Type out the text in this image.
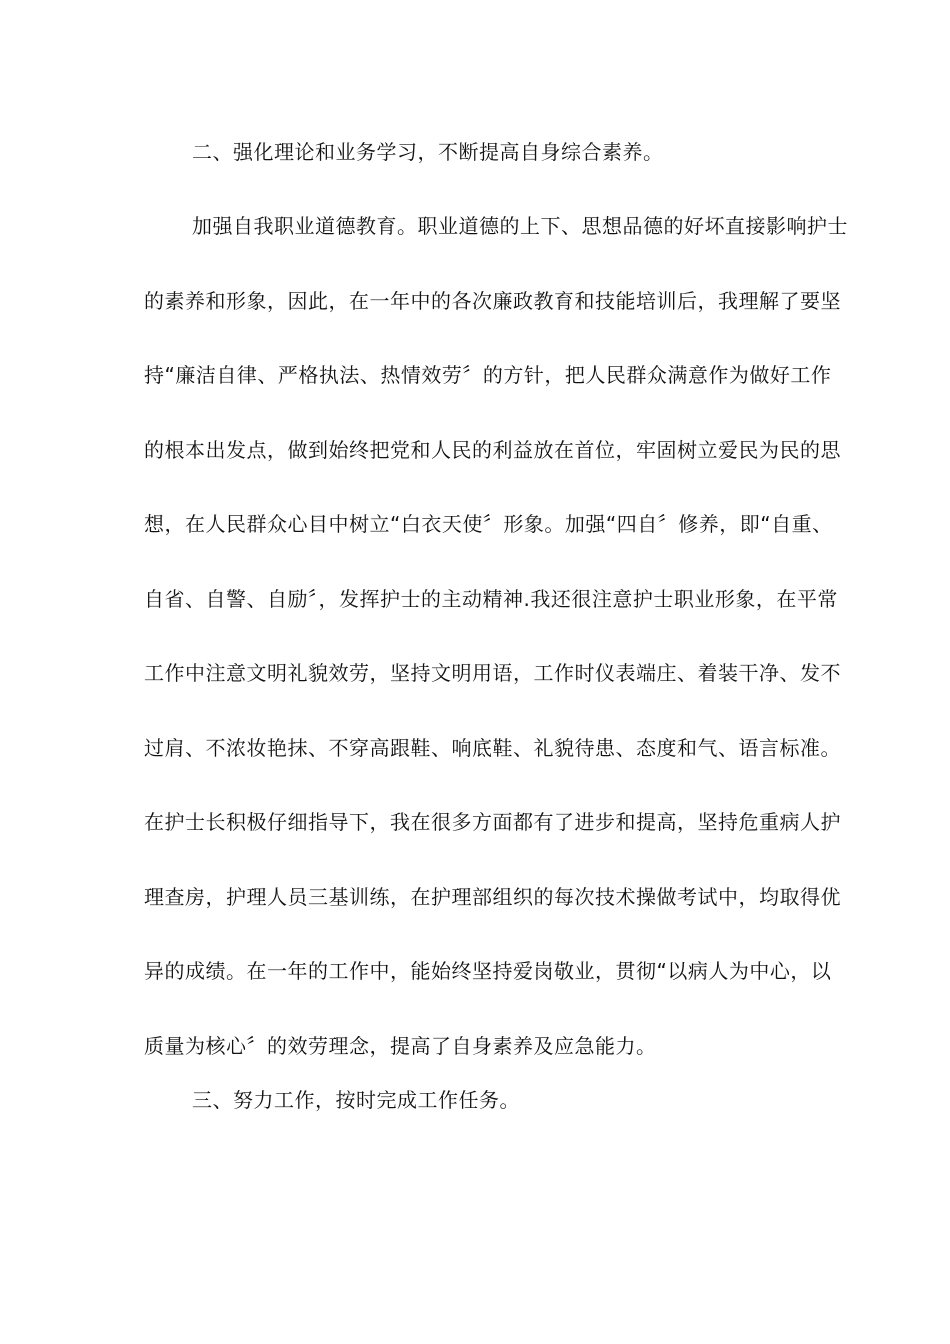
二、强化理论和业务学习，不断提高自身综合素养。
加强自我职业道德教育。职业道德的上下、思想品德的好坏直接影响护士
的素养和形象，因此，在一年中的各次廉政教育和技能培训后，我理解了要坚
持“廉洁自律、严格执法、热情效劳〞的方针，把人民群众满意作为做好工作
的根本出发点，做到始终把党和人民的利益放在首位，牢固树立爱民为民的思
想，在人民群众心目中树立“白衣天使〞形象。加强“四自〞修养，即“自重、
自省、自警、自励〞，发挥护士的主动精神.我还很注意护士职业形象，在平常
工作中注意文明礼貌效劳，坚持文明用语，工作时仪表端庄、着装干净、发不
过肩、不浓妆艳抹、不穿高跟鞋、响底鞋、礼貌待患、态度和气、语言标准。
在护士长积极仔细指导下，我在很多方面都有了进步和提高，坚持危重病人护
理查房，护理人员三基训练，在护理部组织的每次技术操做考试中，均取得优
异的成绩。在一年的工作中，能始终坚持爱岗敬业，贯彻“以病人为中心，以
质量为核心〞的效劳理念，提高了自身素养及应急能力。
三、努力工作，按时完成工作任务。
